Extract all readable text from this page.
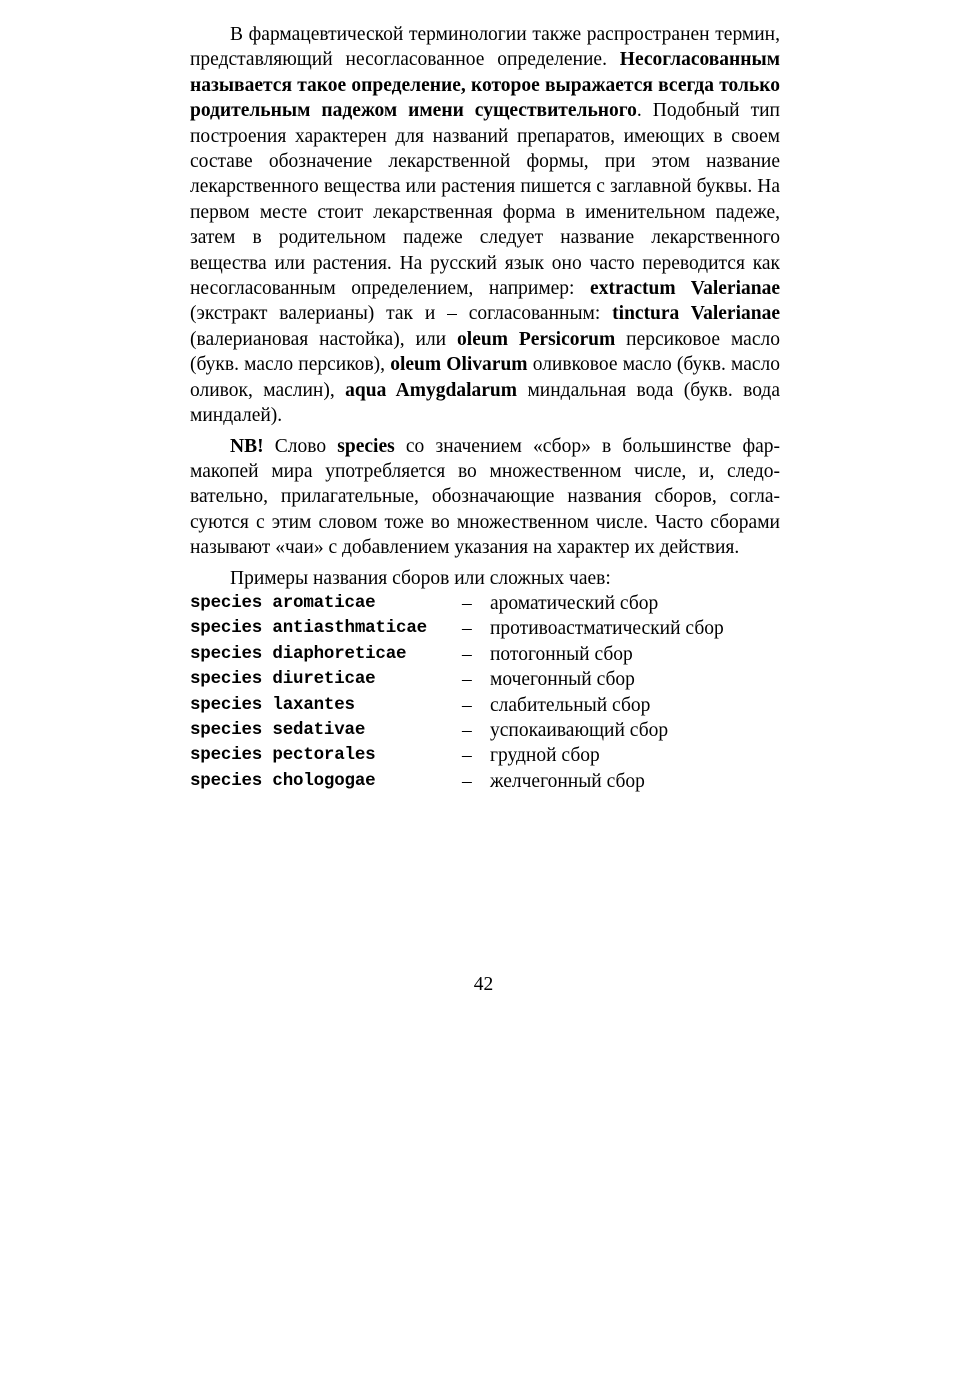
В фармацевтической терминологии также распространен термин, представляющий несогласованное определение. Несогласованным называется такое определение, которое выражается всегда только родительным падежом имени существительного. Подобный тип построения характерен для названий препаратов, имеющих в своем составе обозначение лекарственной формы, при этом название лекарственного вещества или растения пишется с заглавной буквы. На первом месте стоит лекарственная форма в именительном падеже, затем в родительном падеже следует название лекарственного вещества или растения. На русский язык оно часто переводится как несогласованным определением, например: extractum Valerianae (экстракт валерианы) так и – согласованным: tinctura Valerianae (валериановая настойка), или oleum Persicorum персиковое масло (букв. масло персиков), oleum Olivarum оливковое масло (букв. масло оливок, маслин), aqua Amygdalarum миндальная вода (букв. вода миндалей).

NB! Слово species со значением «сбор» в большинстве фармакопей мира употребляется во множественном числе, и, следовательно, прилагательные, обозначающие названия сборов, согласуются с этим словом тоже во множественном числе. Часто сборами называют «чаи» с добавлением указания на характер их действия.

Примеры названия сборов или сложных чаев:

species aromaticae	– ароматический сбор
species antiasthmaticae	– противоастматический сбор
species diaphoreticae	– потогонный сбор
species diureticae	– мочегонный сбор
species laxantes	– слабительный сбор
species sedativae	– успокаивающий сбор
species pectorales	– грудной сбор
species chologogae	– желчегонный сбор
42
